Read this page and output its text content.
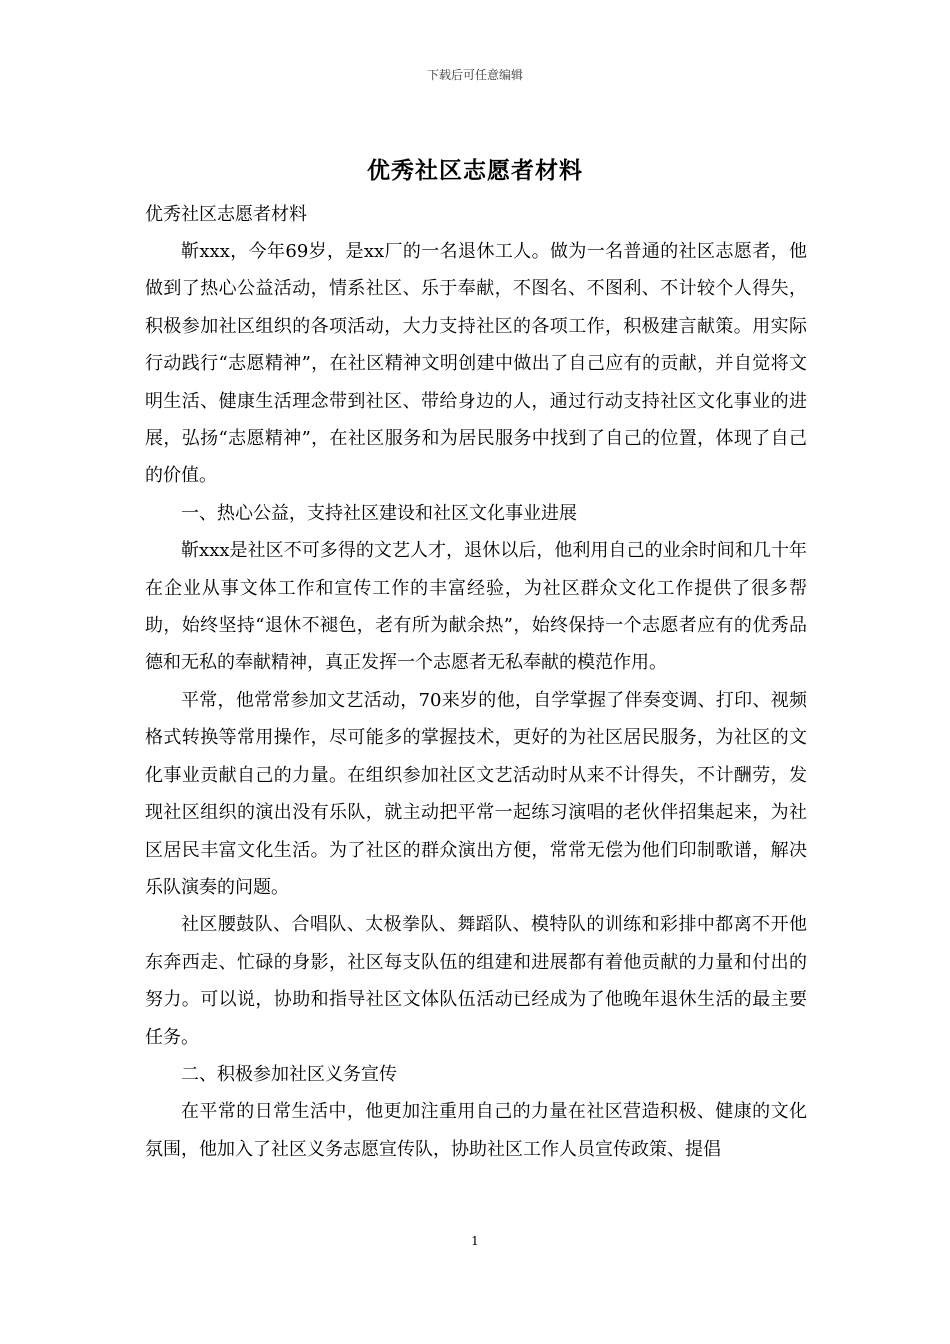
下载后可任意编辑
优秀社区志愿者材料

优秀社区志愿者材料

靳xxx，今年69岁，是xx厂的一名退休工人。做为一名普通的社区志愿者，他做到了热心公益活动，情系社区、乐于奉献，不图名、不图利、不计较个人得失，积极参加社区组织的各项活动，大力支持社区的各项工作，积极建言献策。用实际行动践行“志愿精神”，在社区精神文明创建中做出了自己应有的贡献，并自觉将文明生活、健康生活理念带到社区、带给身边的人，通过行动支持社区文化事业的进展，弘扬“志愿精神”，在社区服务和为居民服务中找到了自己的位置，体现了自己的价值。

一、热心公益，支持社区建设和社区文化事业进展

靳xxx是社区不可多得的文艺人才，退休以后，他利用自己的业余时间和几十年在企业从事文体工作和宣传工作的丰富经验，为社区群众文化工作提供了很多帮助，始终坚持“退休不褪色，老有所为献余热”，始终保持一个志愿者应有的优秀品德和无私的奉献精神，真正发挥一个志愿者无私奉献的模范作用。

平常，他常常参加文艺活动，70来岁的他，自学掌握了伴奏变调、打印、视频格式转换等常用操作，尽可能多的掌握技术，更好的为社区居民服务，为社区的文化事业贡献自己的力量。在组织参加社区文艺活动时从来不计得失，不计酬劳，发现社区组织的演出没有乐队，就主动把平常一起练习演唱的老伙伴招集起来，为社区居民丰富文化生活。为了社区的群众演出方便，常常无偿为他们印制歌谱，解决乐队演奏的问题。

社区腰鼓队、合唱队、太极拳队、舞蹈队、模特队的训练和彩排中都离不开他东奔西走、忙碌的身影，社区每支队伍的组建和进展都有着他贡献的力量和付出的努力。可以说，协助和指导社区文体队伍活动已经成为了他晚年退休生活的最主要任务。

二、积极参加社区义务宣传

在平常的日常生活中，他更加注重用自己的力量在社区营造积极、健康的文化氛围，他加入了社区义务志愿宣传队，协助社区工作人员宣传政策、提倡

1
